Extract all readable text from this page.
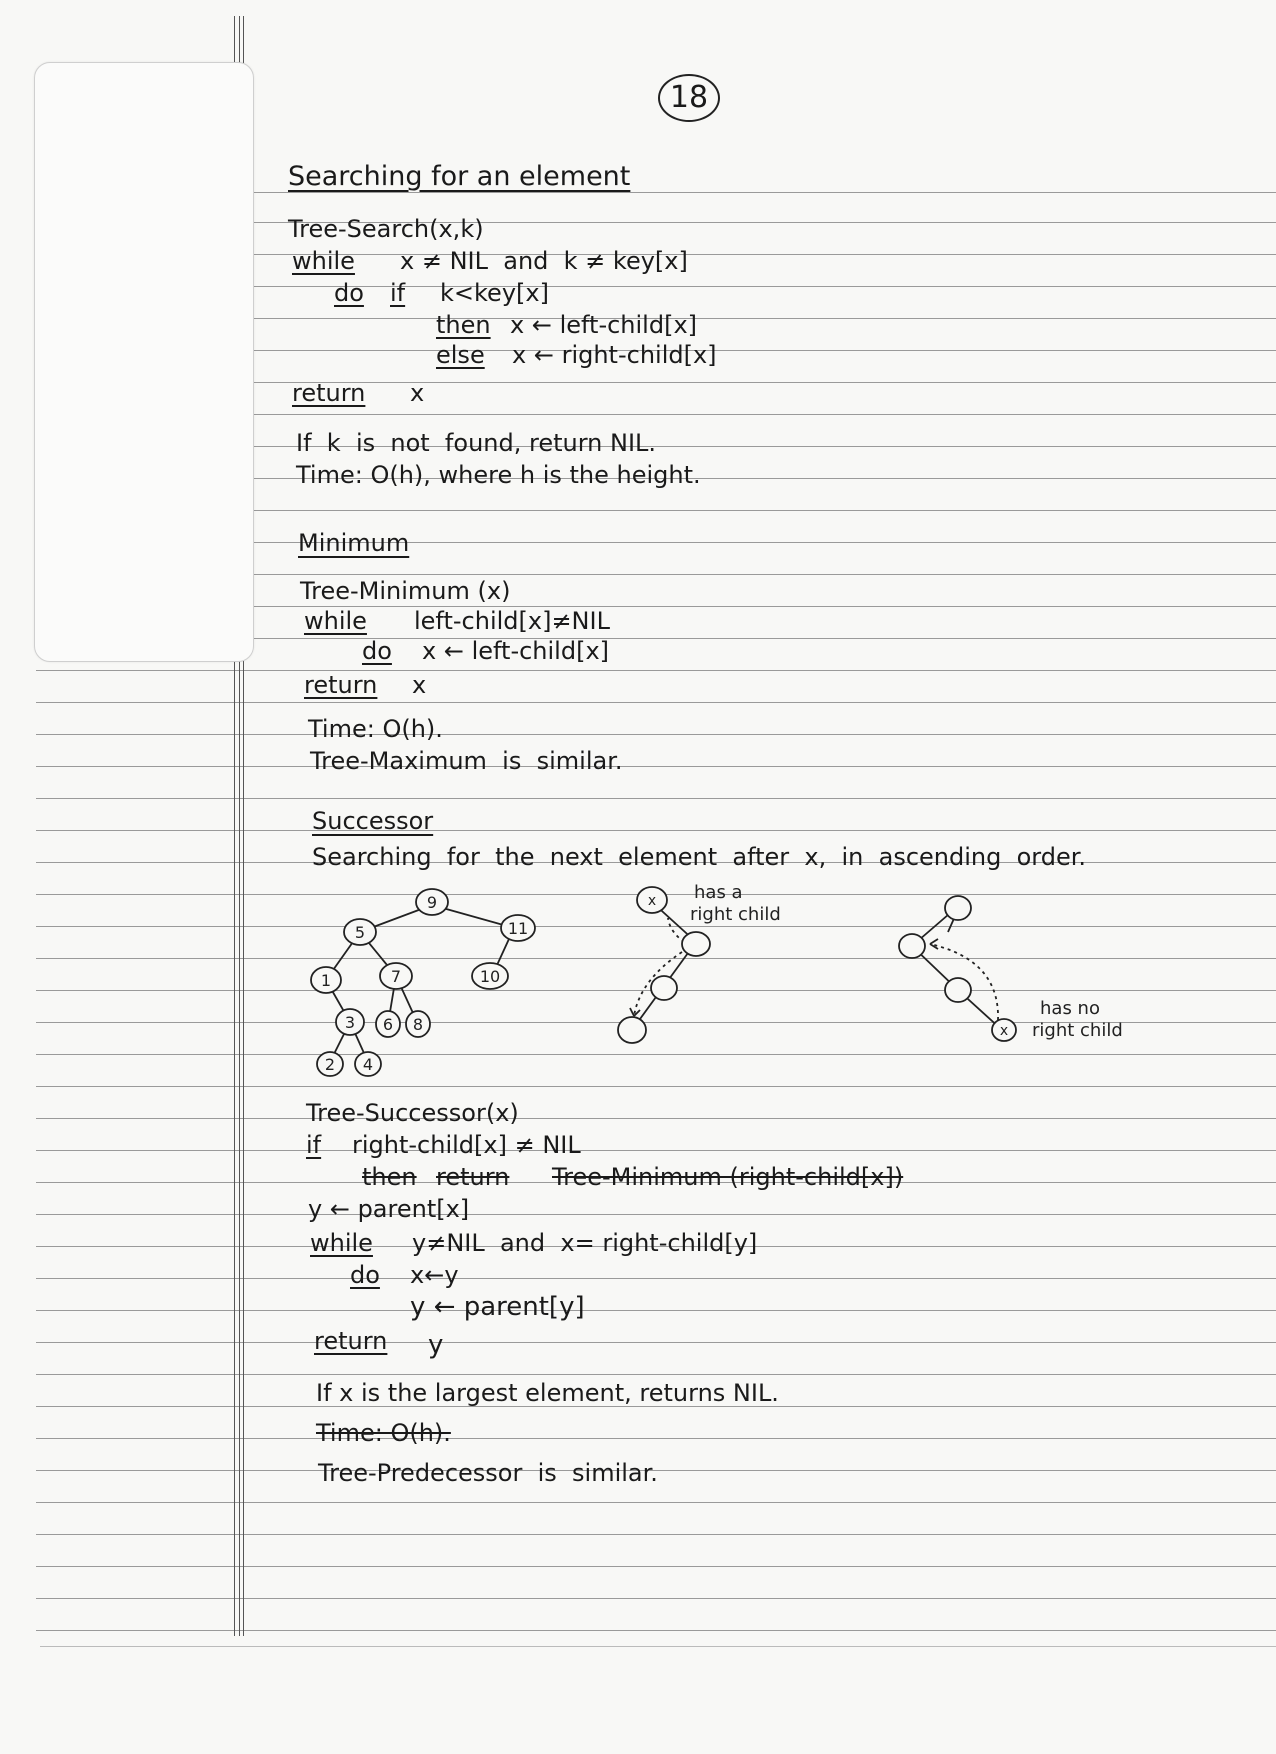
18
Searching for an element
Tree-Search(x,k)
while x ≠ NIL  and  k ≠ key[x]
do if k<key[x]
then x ← left-child[x]
else x ← right-child[x]
return x
If  k  is  not  found, return NIL.
Time: O(h), where h is the height.
Minimum
Tree-Minimum (x)
while left-child[x]≠NIL
do x ← left-child[x]
return x
Time: O(h).
Tree-Maximum  is  similar.
Successor
Searching  for  the  next  element  after  x,  in  ascending  order.
9
5	11
1	7	10
3 6 8
2 4
x
x
has a
right child
has no
right child
Tree-Successor(x)
if right-child[x] ≠ NIL
then return Tree-Minimum (right-child[x])
y ← parent[x]
while y≠NIL  and  x= right-child[y]
do x←y
y ← parent[y]
return y
If x is the largest element, returns NIL.
Time: O(h).
Tree-Predecessor  is  similar.
